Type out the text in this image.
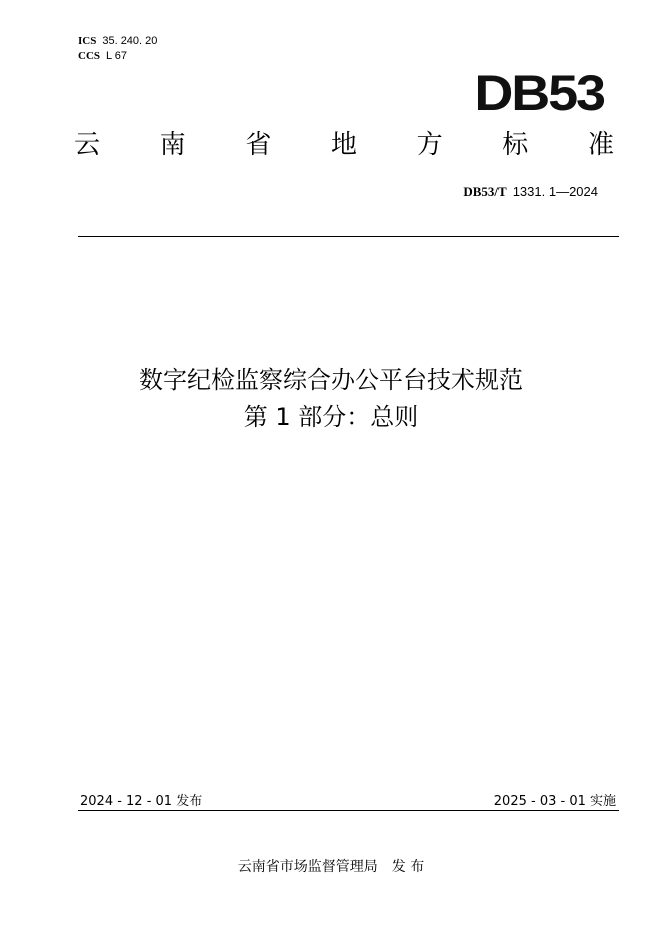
ICS 35. 240. 20
CCS L 67
DB53
云 南 省 地 方 标 准
DB53/T 1331. 1—2024
数字纪检监察综合办公平台技术规范
第 1 部分：总则
2024 - 12 - 01 发布	2025 - 03 - 01 实施
云南省市场监督管理局　发 布
